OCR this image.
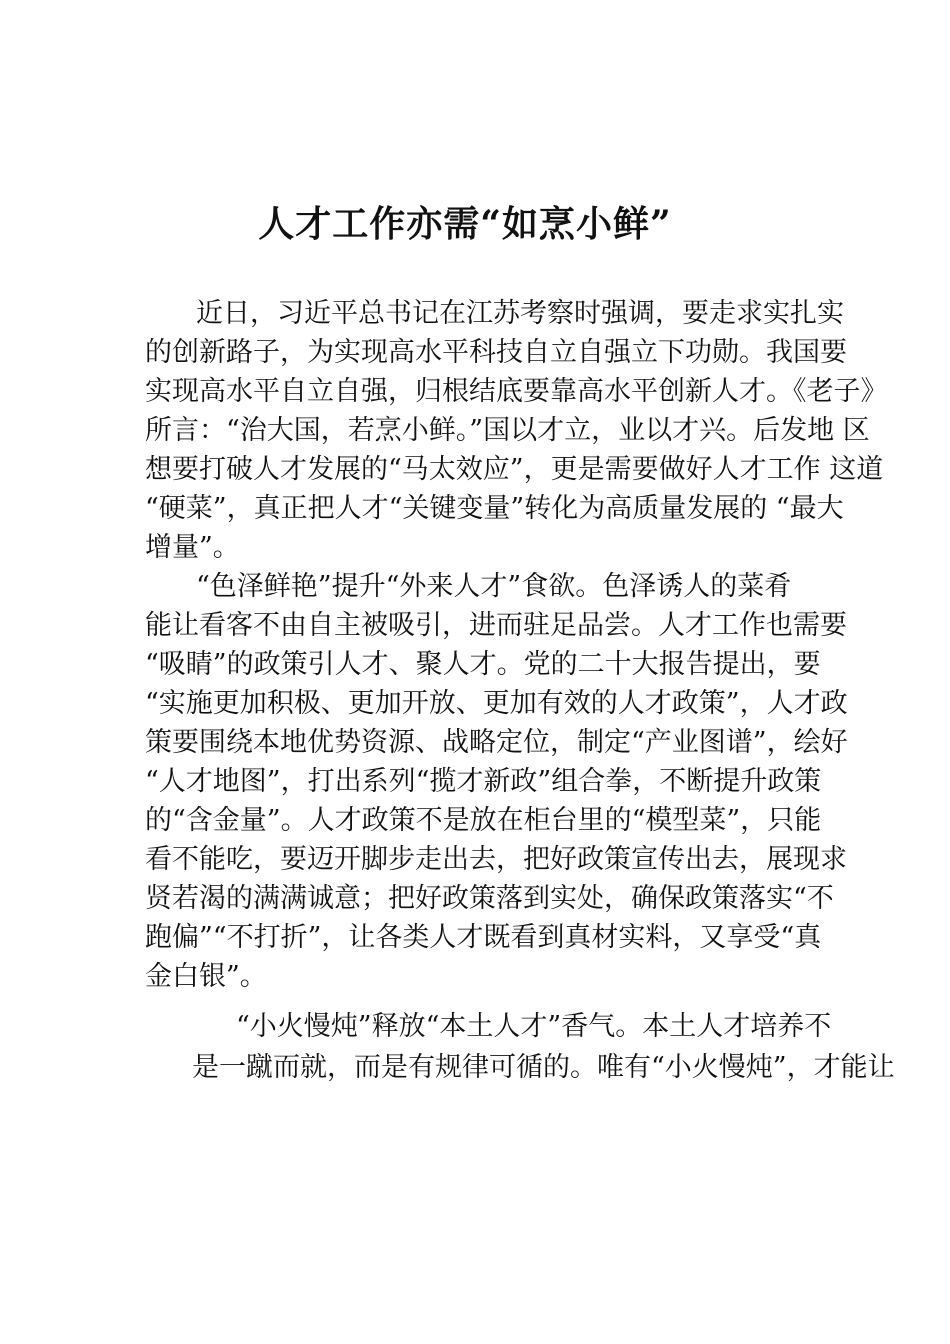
人才工作亦需“如烹小鲜”
近日，习近平总书记在江苏考察时强调，要走求实扎实
的创新路子，为实现高水平科技自立自强立下功勋。我国要
实现高水平自立自强，归根结底要靠高水平创新人才。《老子》
所言：“治大国，若烹小鲜。”国以才立，业以才兴。后发地 区
想要打破人才发展的“马太效应”，更是需要做好人才工作 这道
“硬菜”，真正把人才“关键变量”转化为高质量发展的 “最大
增量”。
“色泽鲜艳”提升“外来人才”食欲。色泽诱人的菜肴
能让看客不由自主被吸引，进而驻足品尝。人才工作也需要
“吸睛”的政策引人才、聚人才。党的二十大报告提出，要
“实施更加积极、更加开放、更加有效的人才政策”，人才政
策要围绕本地优势资源、战略定位，制定“产业图谱”，绘好
“人才地图”，打出系列“揽才新政”组合拳，不断提升政策
的“含金量”。人才政策不是放在柜台里的“模型菜”，只能
看不能吃，要迈开脚步走出去，把好政策宣传出去，展现求
贤若渴的满满诚意；把好政策落到实处，确保政策落实“不
跑偏”“不打折”，让各类人才既看到真材实料，又享受“真
金白银”。
“小火慢炖”释放“本土人才”香气。本土人才培养不
是一蹴而就，而是有规律可循的。唯有“小火慢炖”，才能让
